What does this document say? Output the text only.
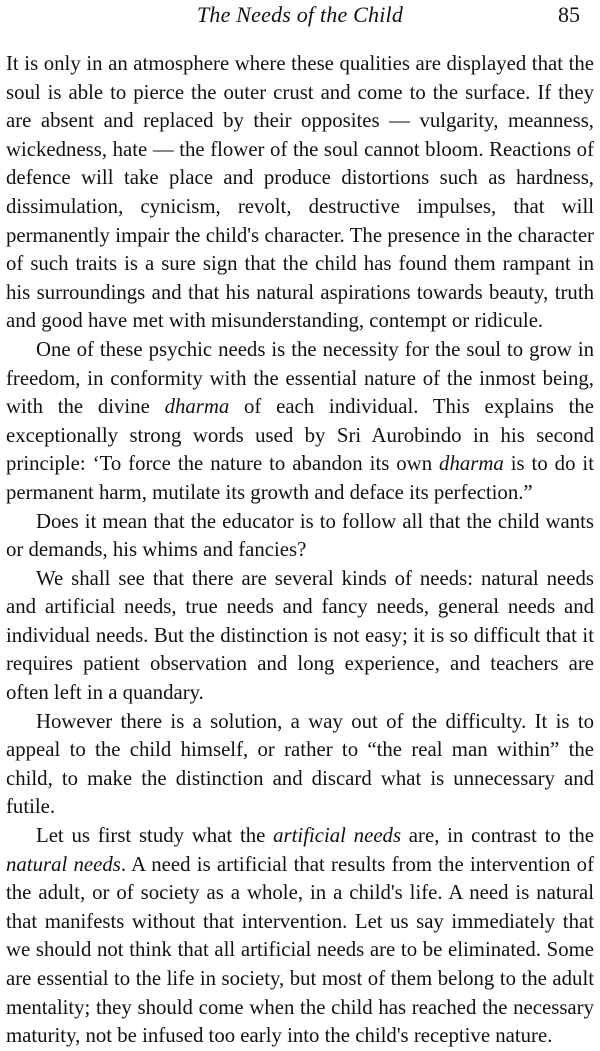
The Needs of the Child	85

It is only in an atmosphere where these qualities are displayed that the soul is able to pierce the outer crust and come to the surface. If they are absent and replaced by their opposites — vulgarity, meanness, wickedness, hate — the flower of the soul cannot bloom. Reactions of defence will take place and produce distortions such as hardness, dissimulation, cynicism, revolt, destructive impulses, that will permanently impair the child's character. The presence in the character of such traits is a sure sign that the child has found them rampant in his surroundings and that his natural aspirations towards beauty, truth and good have met with misunderstanding, contempt or ridicule.

One of these psychic needs is the necessity for the soul to grow in freedom, in conformity with the essential nature of the inmost being, with the divine dharma of each individual. This explains the exceptionally strong words used by Sri Aurobindo in his second principle: ‘To force the nature to abandon its own dharma is to do it permanent harm, mutilate its growth and deface its perfection.”

Does it mean that the educator is to follow all that the child wants or demands, his whims and fancies?

We shall see that there are several kinds of needs: natural needs and artificial needs, true needs and fancy needs, general needs and individual needs. But the distinction is not easy; it is so difficult that it requires patient observation and long experience, and teachers are often left in a quandary.

However there is a solution, a way out of the difficulty. It is to appeal to the child himself, or rather to “the real man within” the child, to make the distinction and discard what is unnecessary and futile.

Let us first study what the artificial needs are, in contrast to the natural needs. A need is artificial that results from the intervention of the adult, or of society as a whole, in a child's life. A need is natural that manifests without that intervention. Let us say immediately that we should not think that all artificial needs are to be eliminated. Some are essential to the life in society, but most of them belong to the adult mentality; they should come when the child has reached the necessary maturity, not be infused too early into the child's receptive nature.
